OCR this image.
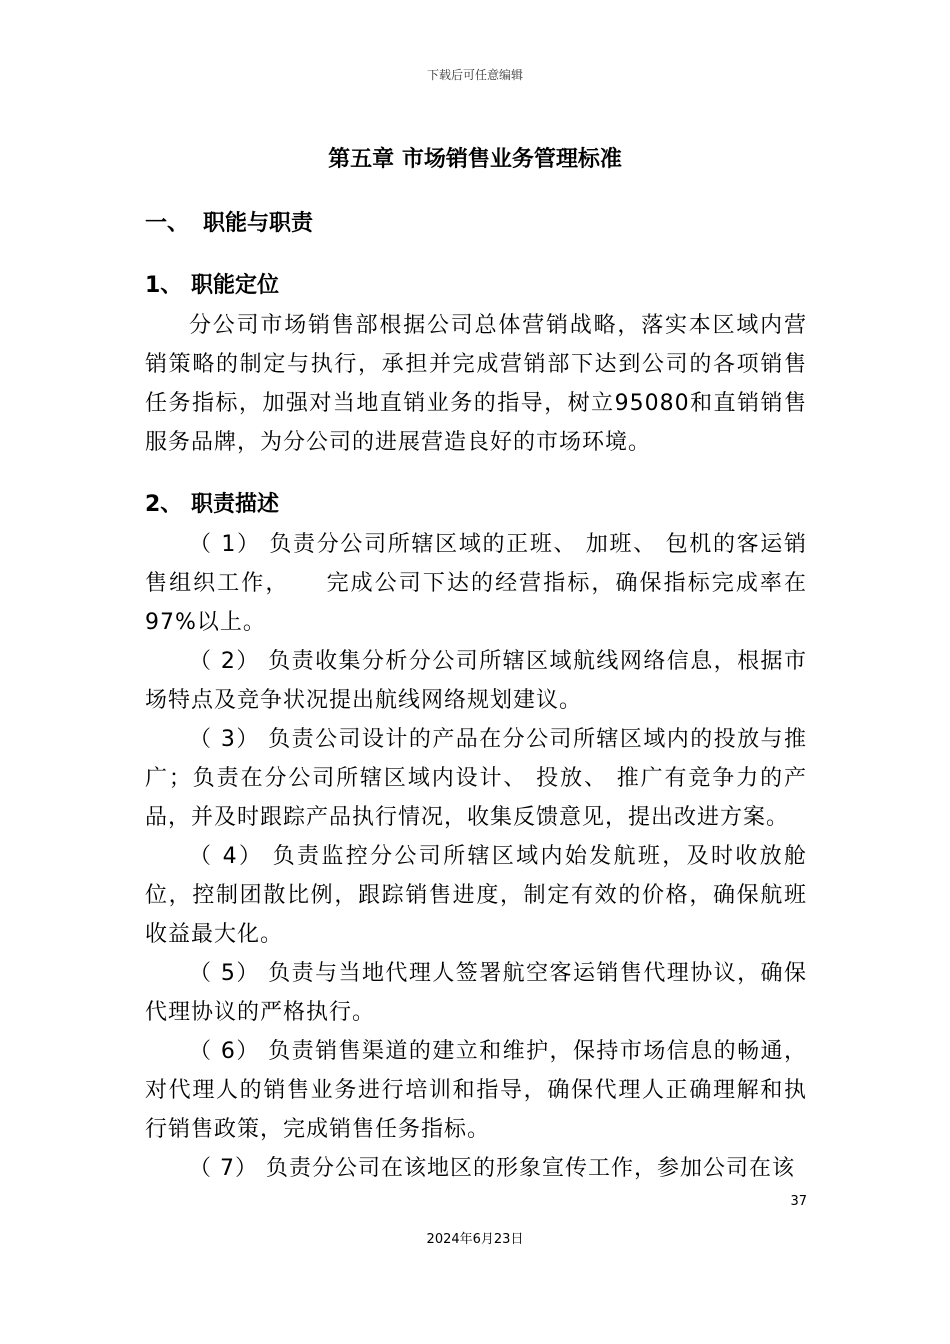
下载后可任意编辑
第五章 市场销售业务管理标准
一、 职能与职责
1、 职能定位

分公司市场销售部根据公司总体营销战略，落实本区域内营销策略的制定与执行，承担并完成营销部下达到公司的各项销售任务指标，加强对当地直销业务的指导，树立95080和直销销售服务品牌，为分公司的进展营造良好的市场环境。

2、 职责描述

（ 1） 负责分公司所辖区域的正班、 加班、 包机的客运销售组织工作，　　完成公司下达的经营指标，确保指标完成率在97%以上。

（ 2） 负责收集分析分公司所辖区域航线网络信息，根据市场特点及竞争状况提出航线网络规划建议。

（ 3） 负责公司设计的产品在分公司所辖区域内的投放与推广；负责在分公司所辖区域内设计、 投放、 推广有竞争力的产品，并及时跟踪产品执行情况，收集反馈意见，提出改进方案。

（ 4） 负责监控分公司所辖区域内始发航班，及时收放舱位，控制团散比例，跟踪销售进度，制定有效的价格，确保航班收益最大化。

（ 5） 负责与当地代理人签署航空客运销售代理协议，确保代理协议的严格执行。

（ 6） 负责销售渠道的建立和维护，保持市场信息的畅通，对代理人的销售业务进行培训和指导，确保代理人正确理解和执行销售政策，完成销售任务指标。

（ 7） 负责分公司在该地区的形象宣传工作，参加公司在该

37
2024年6月23日
